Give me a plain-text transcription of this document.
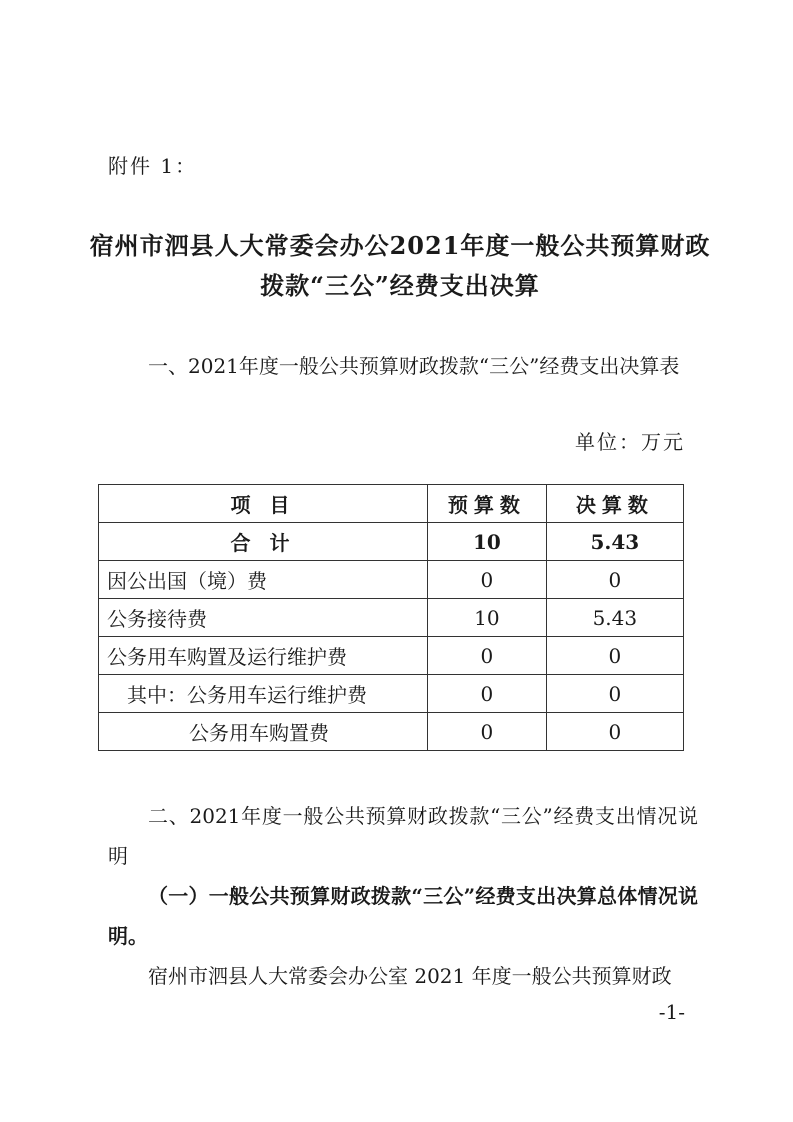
附件 1：
宿州市泗县人大常委会办公2021年度一般公共预算财政
拨款“三公”经费支出决算
一、2021年度一般公共预算财政拨款“三公”经费支出决算表
单位：万元
项 目	预算数	决算数
合 计	10	5.43
因公出国（境）费	0	0
公务接待费	10	5.43
公务用车购置及运行维护费	0	0
其中：公务用车运行维护费	0	0
公务用车购置费	0	0
二、2021年度一般公共预算财政拨款“三公”经费支出情况说明
（一）一般公共预算财政拨款“三公”经费支出决算总体情况说明。
宿州市泗县人大常委会办公室 2021 年度一般公共预算财政
-1-
